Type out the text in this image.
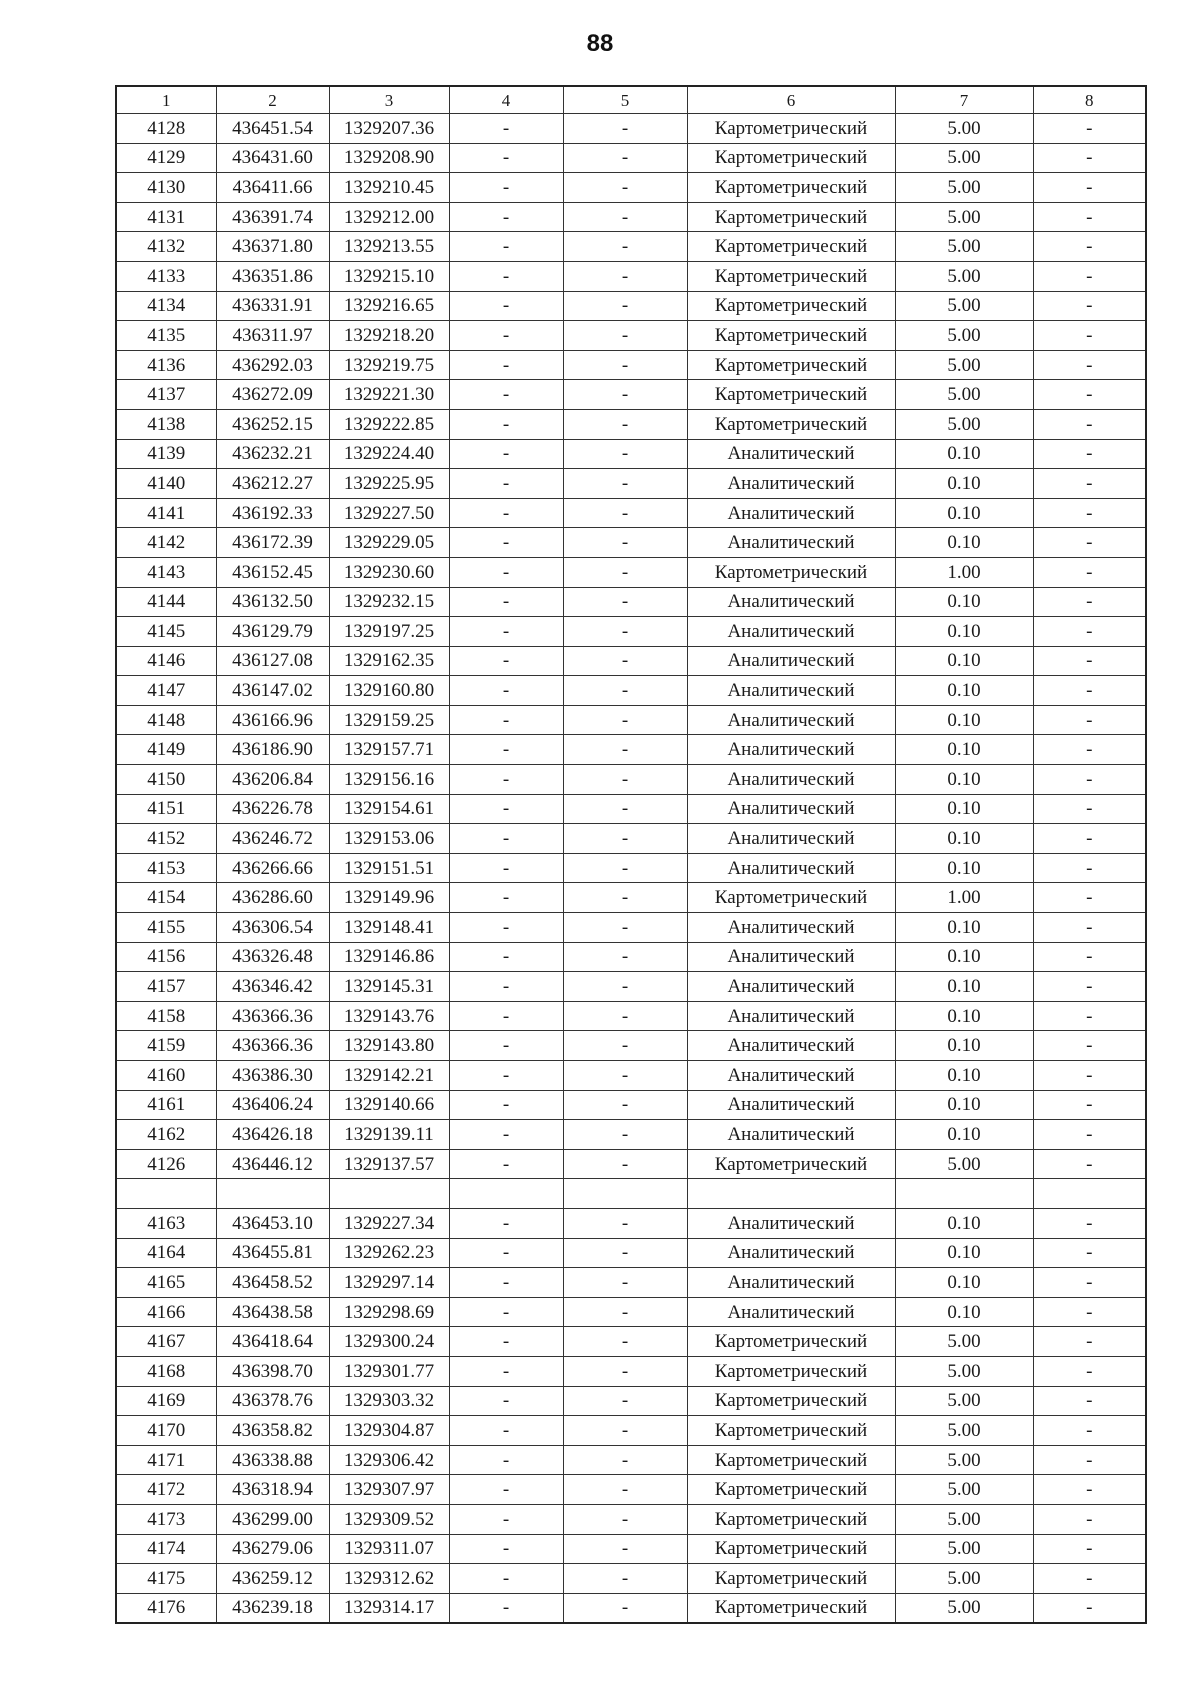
88
1	2	3	4	5	6	7	8
4128	436451.54	1329207.36	-	-	Картометрический	5.00	-
4129	436431.60	1329208.90	-	-	Картометрический	5.00	-
4130	436411.66	1329210.45	-	-	Картометрический	5.00	-
4131	436391.74	1329212.00	-	-	Картометрический	5.00	-
4132	436371.80	1329213.55	-	-	Картометрический	5.00	-
4133	436351.86	1329215.10	-	-	Картометрический	5.00	-
4134	436331.91	1329216.65	-	-	Картометрический	5.00	-
4135	436311.97	1329218.20	-	-	Картометрический	5.00	-
4136	436292.03	1329219.75	-	-	Картометрический	5.00	-
4137	436272.09	1329221.30	-	-	Картометрический	5.00	-
4138	436252.15	1329222.85	-	-	Картометрический	5.00	-
4139	436232.21	1329224.40	-	-	Аналитический	0.10	-
4140	436212.27	1329225.95	-	-	Аналитический	0.10	-
4141	436192.33	1329227.50	-	-	Аналитический	0.10	-
4142	436172.39	1329229.05	-	-	Аналитический	0.10	-
4143	436152.45	1329230.60	-	-	Картометрический	1.00	-
4144	436132.50	1329232.15	-	-	Аналитический	0.10	-
4145	436129.79	1329197.25	-	-	Аналитический	0.10	-
4146	436127.08	1329162.35	-	-	Аналитический	0.10	-
4147	436147.02	1329160.80	-	-	Аналитический	0.10	-
4148	436166.96	1329159.25	-	-	Аналитический	0.10	-
4149	436186.90	1329157.71	-	-	Аналитический	0.10	-
4150	436206.84	1329156.16	-	-	Аналитический	0.10	-
4151	436226.78	1329154.61	-	-	Аналитический	0.10	-
4152	436246.72	1329153.06	-	-	Аналитический	0.10	-
4153	436266.66	1329151.51	-	-	Аналитический	0.10	-
4154	436286.60	1329149.96	-	-	Картометрический	1.00	-
4155	436306.54	1329148.41	-	-	Аналитический	0.10	-
4156	436326.48	1329146.86	-	-	Аналитический	0.10	-
4157	436346.42	1329145.31	-	-	Аналитический	0.10	-
4158	436366.36	1329143.76	-	-	Аналитический	0.10	-
4159	436366.36	1329143.80	-	-	Аналитический	0.10	-
4160	436386.30	1329142.21	-	-	Аналитический	0.10	-
4161	436406.24	1329140.66	-	-	Аналитический	0.10	-
4162	436426.18	1329139.11	-	-	Аналитический	0.10	-
4126	436446.12	1329137.57	-	-	Картометрический	5.00	-

4163	436453.10	1329227.34	-	-	Аналитический	0.10	-
4164	436455.81	1329262.23	-	-	Аналитический	0.10	-
4165	436458.52	1329297.14	-	-	Аналитический	0.10	-
4166	436438.58	1329298.69	-	-	Аналитический	0.10	-
4167	436418.64	1329300.24	-	-	Картометрический	5.00	-
4168	436398.70	1329301.77	-	-	Картометрический	5.00	-
4169	436378.76	1329303.32	-	-	Картометрический	5.00	-
4170	436358.82	1329304.87	-	-	Картометрический	5.00	-
4171	436338.88	1329306.42	-	-	Картометрический	5.00	-
4172	436318.94	1329307.97	-	-	Картометрический	5.00	-
4173	436299.00	1329309.52	-	-	Картометрический	5.00	-
4174	436279.06	1329311.07	-	-	Картометрический	5.00	-
4175	436259.12	1329312.62	-	-	Картометрический	5.00	-
4176	436239.18	1329314.17	-	-	Картометрический	5.00	-
